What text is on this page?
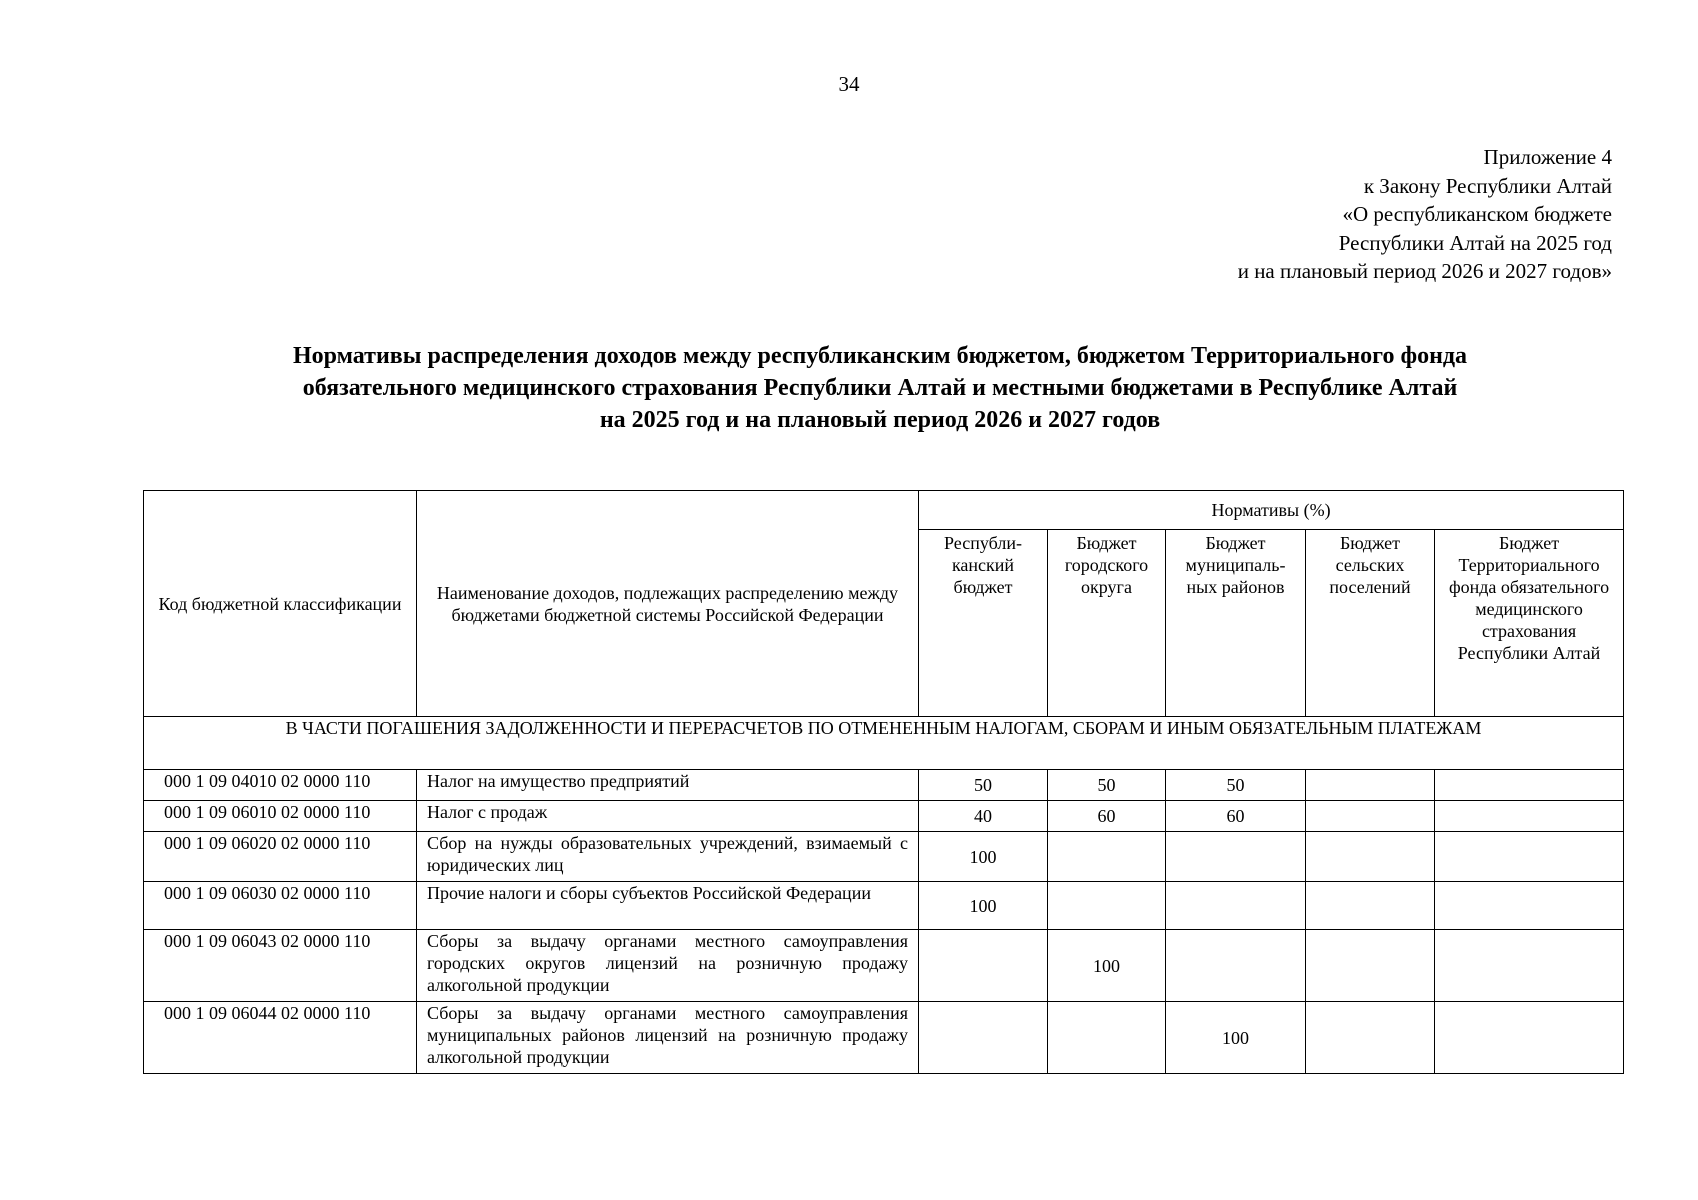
34
Приложение 4
к Закону Республики Алтай
«О республиканском бюджете
Республики Алтай на 2025 год
и на плановый период 2026 и 2027 годов»
Нормативы распределения доходов между республиканским бюджетом, бюджетом Территориального фонда
обязательного медицинского страхования Республики Алтай и местными бюджетами в Республике Алтай
на 2025 год и на плановый период 2026 и 2027 годов
Код бюджетной классификации	Наименование доходов, подлежащих распределению между бюджетами бюджетной системы Российской Федерации	Нормативы (%)				
		Республи-канский бюджет	Бюджет городского округа	Бюджет муниципаль-ных районов	Бюджет сельских поселений	Бюджет Территориального фонда обязательного медицинского страхования Республики Алтай
В ЧАСТИ ПОГАШЕНИЯ ЗАДОЛЖЕННОСТИ И ПЕРЕРАСЧЕТОВ ПО ОТМЕНЕННЫМ НАЛОГАМ, СБОРАМ И ИНЫМ ОБЯЗАТЕЛЬНЫМ ПЛАТЕЖАМ						
000 1 09 04010 02 0000 110	Налог на имущество предприятий	50	50	50		
000 1 09 06010 02 0000 110	Налог с продаж	40	60	60		
000 1 09 06020 02 0000 110	Сбор на нужды образовательных учреждений, взимаемый с юридических лиц	100				
000 1 09 06030 02 0000 110	Прочие налоги и сборы субъектов Российской Федерации	100				
000 1 09 06043 02 0000 110	Сборы за выдачу органами местного самоуправления городских округов лицензий на розничную продажу алкогольной продукции		100			
000 1 09 06044 02 0000 110	Сборы за выдачу органами местного самоуправления муниципальных районов лицензий на розничную продажу алкогольной продукции			100		
